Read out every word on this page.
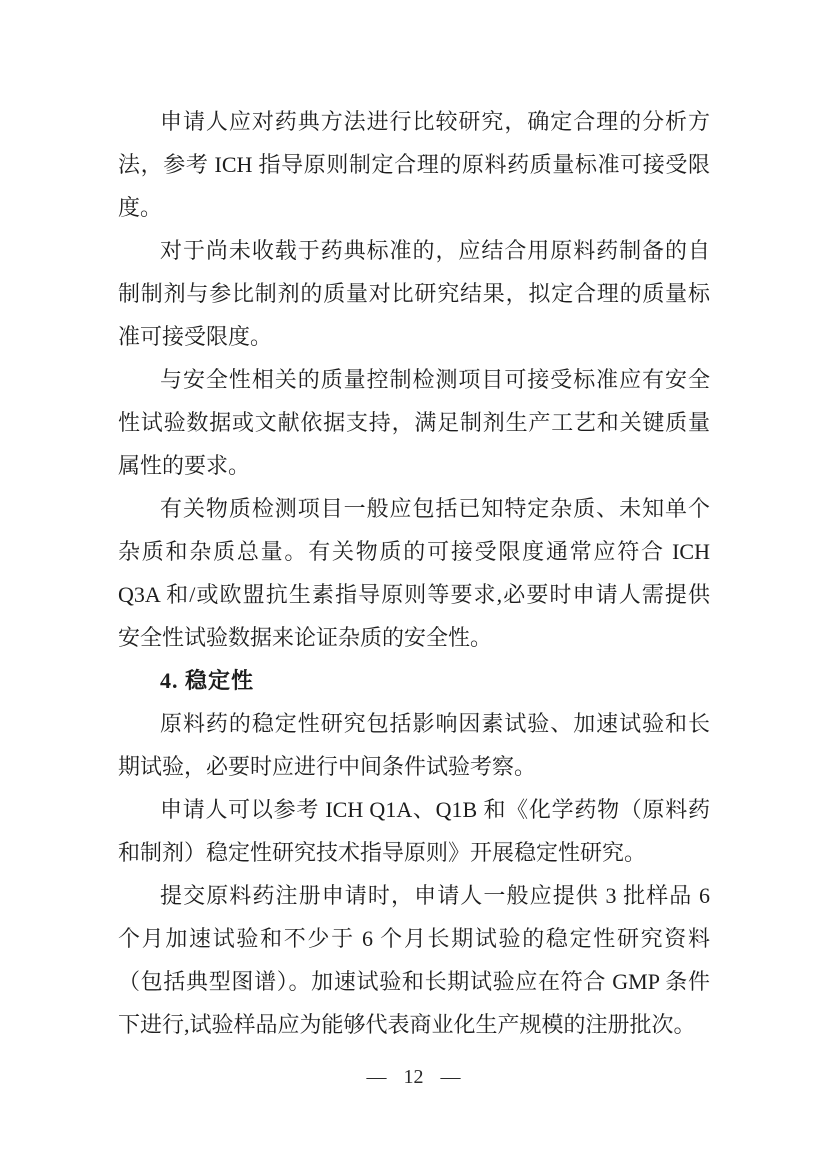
申请人应对药典方法进行比较研究，确定合理的分析方
法，参考 ICH 指导原则制定合理的原料药质量标准可接受限
度。
对于尚未收载于药典标准的，应结合用原料药制备的自
制制剂与参比制剂的质量对比研究结果，拟定合理的质量标
准可接受限度。
与安全性相关的质量控制检测项目可接受标准应有安全
性试验数据或文献依据支持，满足制剂生产工艺和关键质量
属性的要求。
有关物质检测项目一般应包括已知特定杂质、未知单个
杂质和杂质总量。有关物质的可接受限度通常应符合 ICH
Q3A 和/或欧盟抗生素指导原则等要求,必要时申请人需提供
安全性试验数据来论证杂质的安全性。
4. 稳定性
原料药的稳定性研究包括影响因素试验、加速试验和长
期试验，必要时应进行中间条件试验考察。
申请人可以参考 ICH Q1A、Q1B 和《化学药物（原料药
和制剂）稳定性研究技术指导原则》开展稳定性研究。
提交原料药注册申请时，申请人一般应提供 3 批样品 6
个月加速试验和不少于 6 个月长期试验的稳定性研究资料
（包括典型图谱）。加速试验和长期试验应在符合 GMP 条件
下进行,试验样品应为能够代表商业化生产规模的注册批次。
— 12 —
